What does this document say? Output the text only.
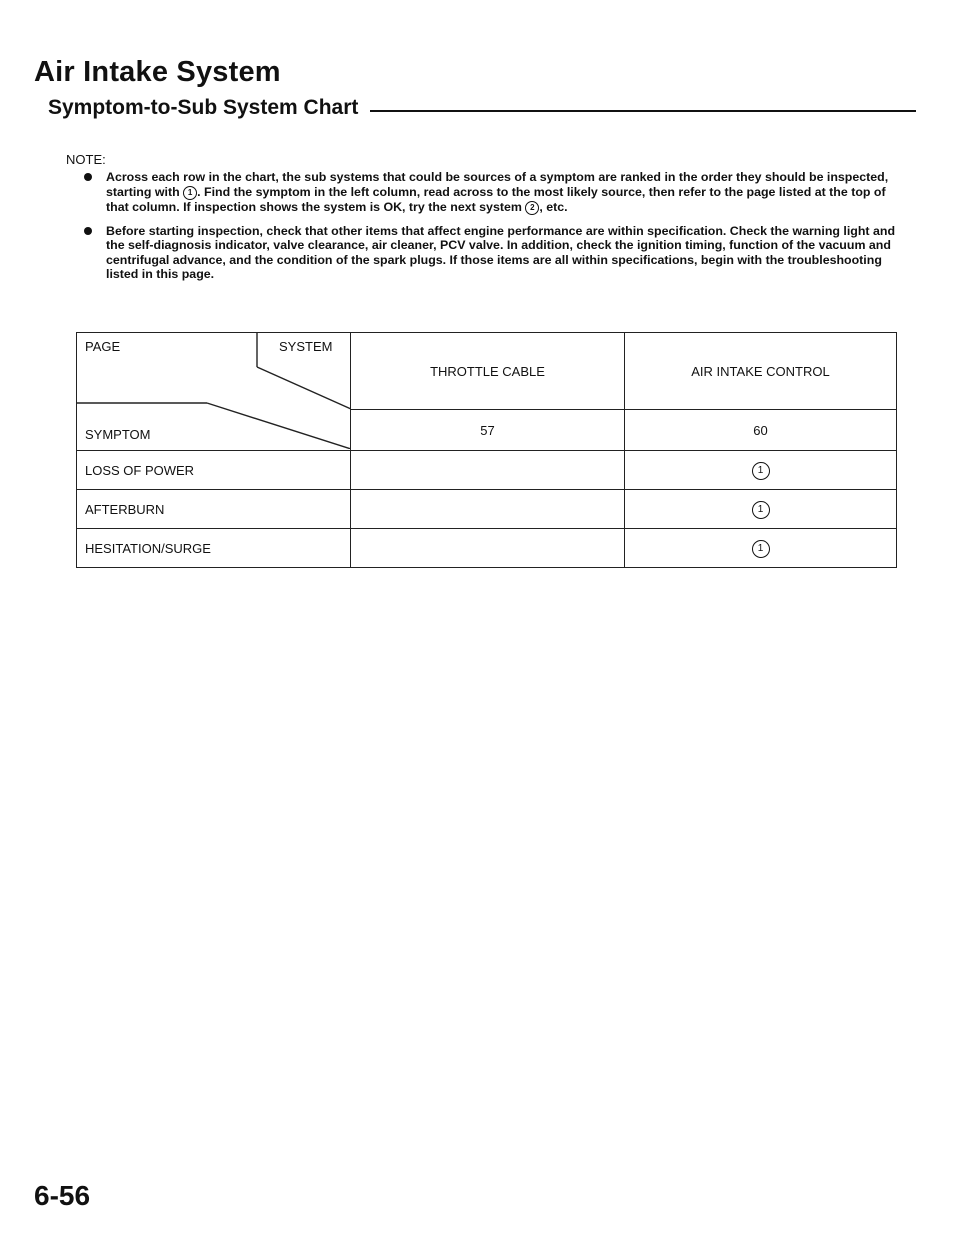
Air Intake System
Symptom-to-Sub System Chart
NOTE:
Across each row in the chart, the sub systems that could be sources of a symptom are ranked in the order they should be inspected, starting with 1 . Find the symptom in the left column, read across to the most likely source, then refer to the page listed at the top of that column. If inspection shows the system is OK, try the next system 2 , etc.
Before starting inspection, check that other items that affect engine performance are within specification. Check the warning light and the self-diagnosis indicator, valve clearance, air cleaner, PCV valve. In addition, check the ignition timing, function of the vacuum and centrifugal advance, and the condition of the spark plugs. If those items are all within specifications, begin with the troubleshooting listed in this page.
PAGE SYSTEM
SYMPTOM	THROTTLE CABLE	AIR INTAKE CONTROL
	57	60
LOSS OF POWER		1
AFTERBURN		1
HESITATION/SURGE		1

6-56
